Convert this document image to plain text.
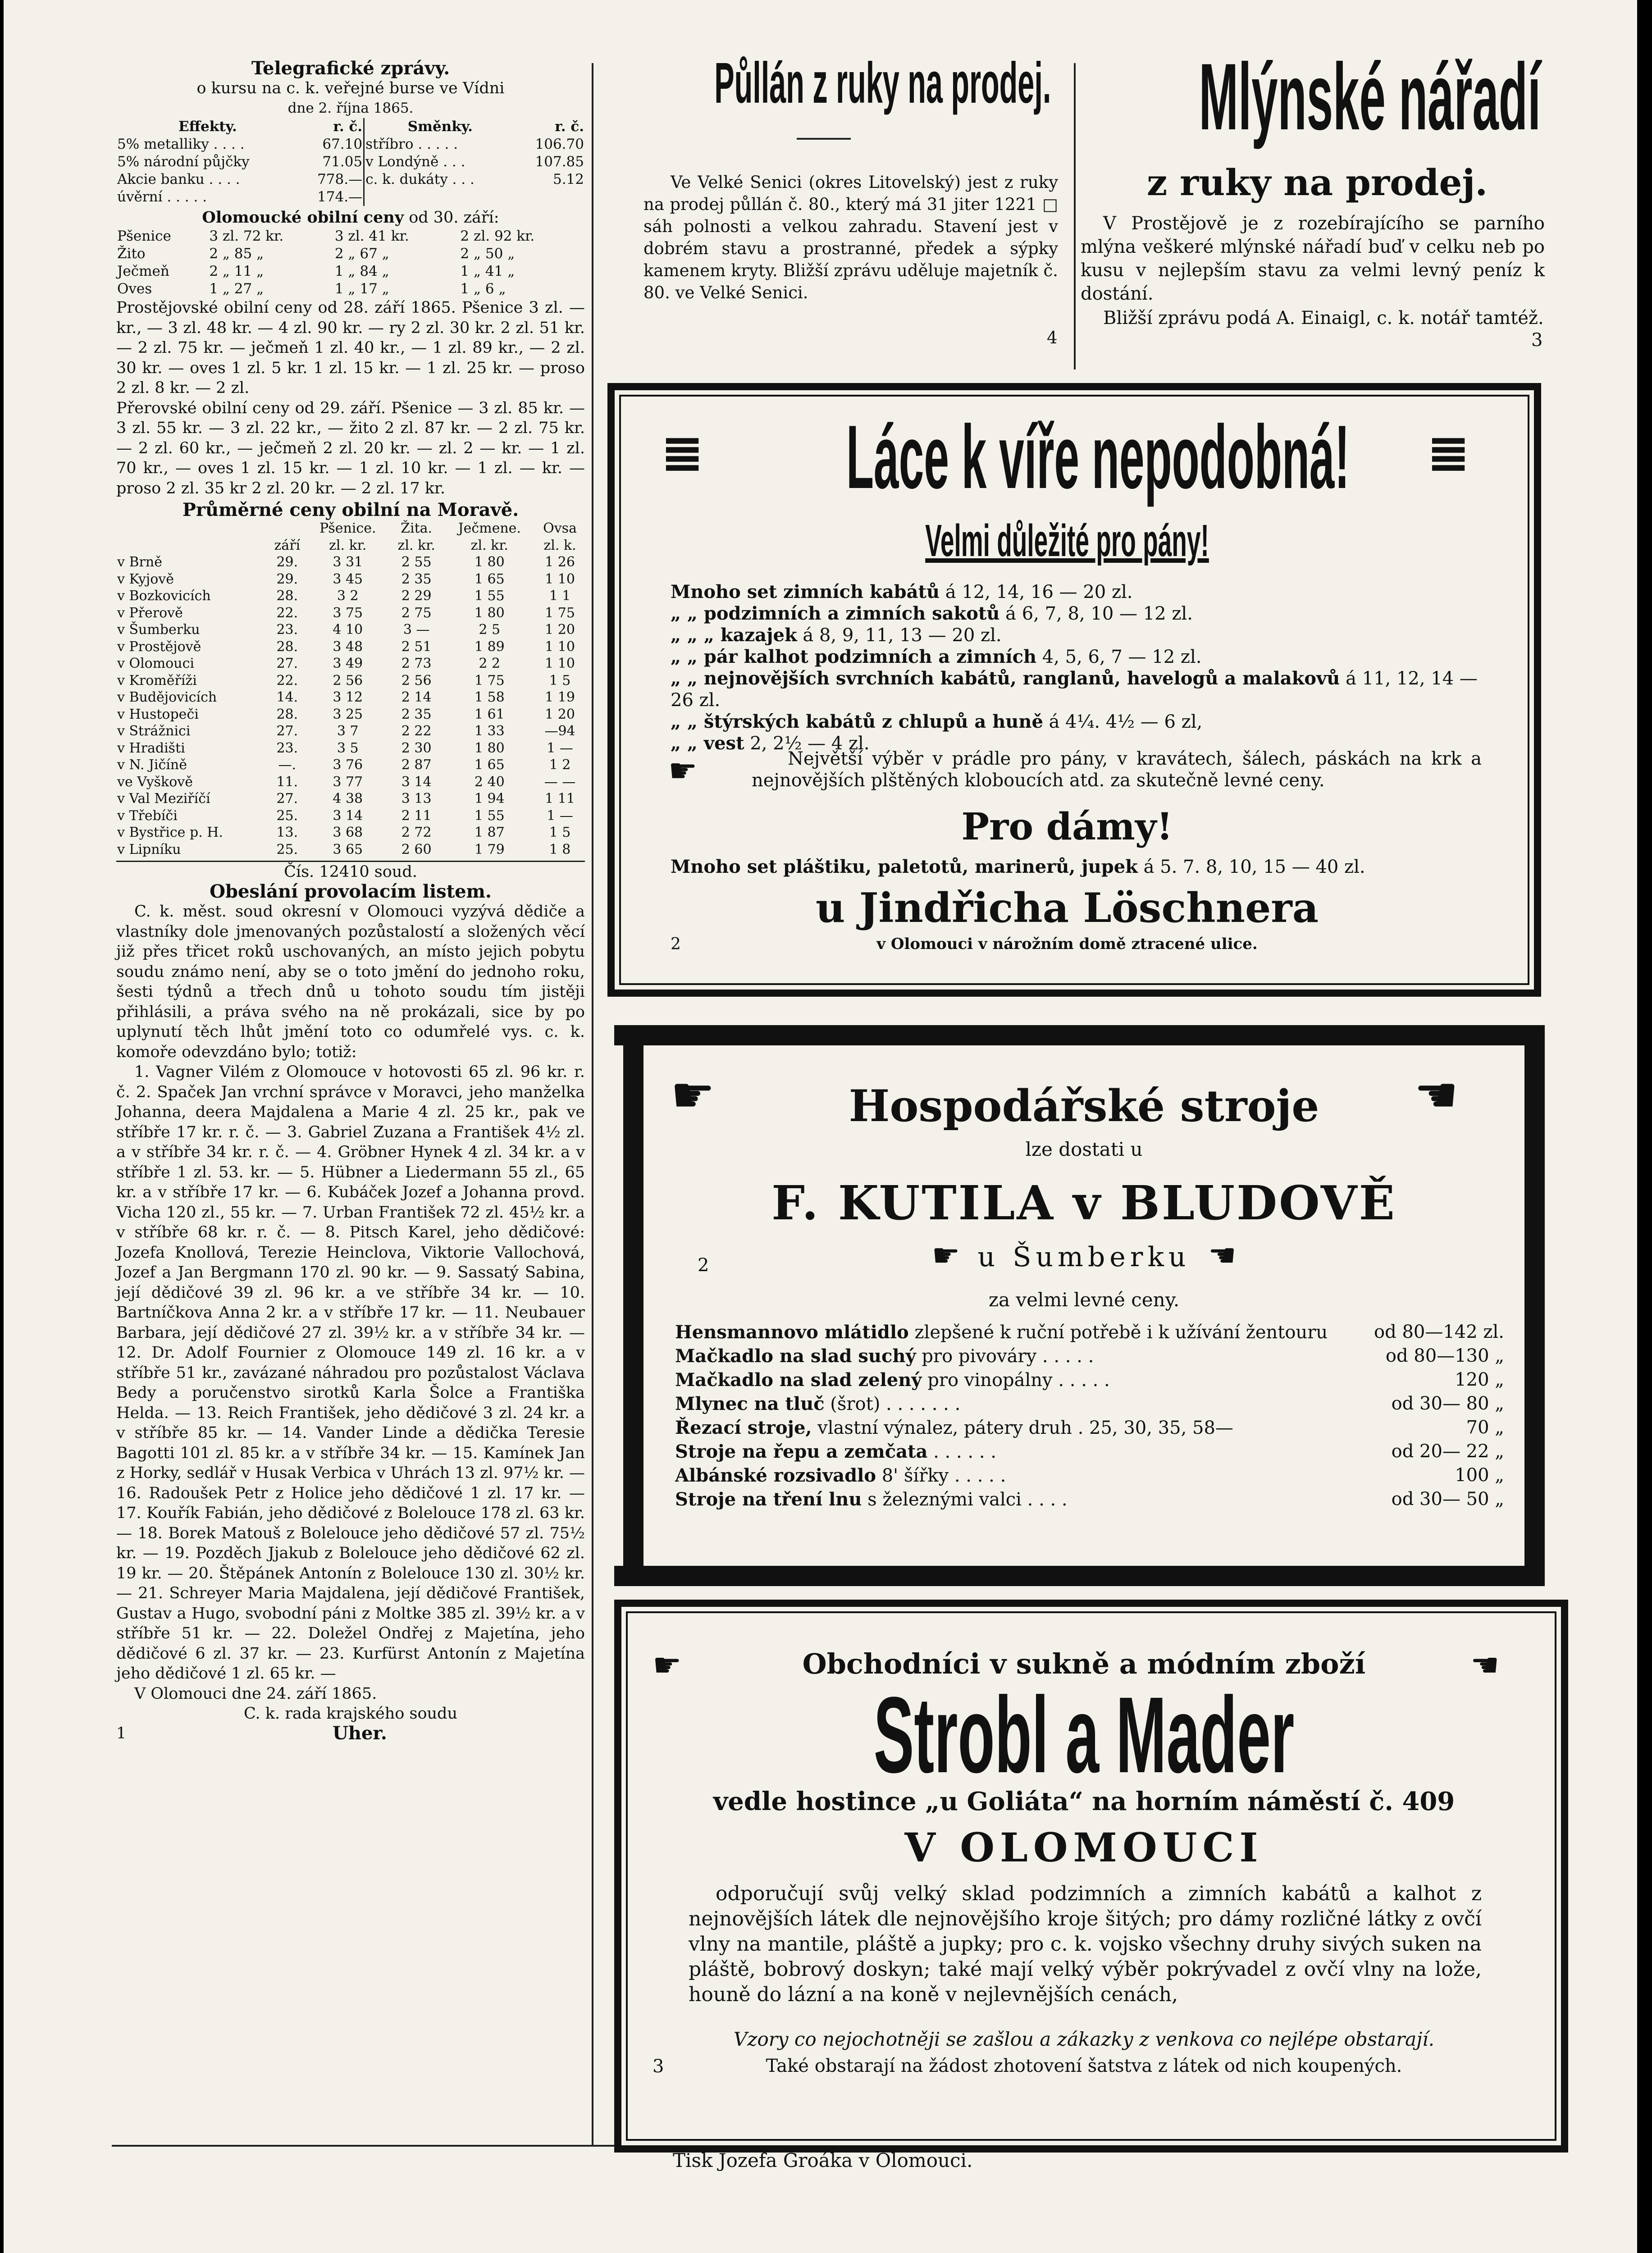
Telegrafické zprávy.
o kursu na c. k. veřejné burse ve Vídni
dne 2. října 1865.
Effekty.	r. č.	Směnky.	r. č.
5% metalliky . . . .	67.10	stříbro . . . . .	106.70
5% národní půjčky	71.05	v Londýně . . .	107.85
Akcie banku . . . .	778.—	c. k. dukáty . . .	5.12
úvěrní . . . . .	174.—		
Olomoucké obilní ceny od 30. září:
Pšenice	3 zl. 72 kr.	3 zl. 41 kr.	2 zl. 92 kr.
Žito	2 „ 85 „	2 „ 67 „	2 „ 50 „
Ječmeň	2 „ 11 „	1 „ 84 „	1 „ 41 „
Oves	1 „ 27 „	1 „ 17 „	1 „ 6 „

Prostějovské obilní ceny od 28. září 1865. Pšenice 3 zl. — kr., — 3 zl. 48 kr. — 4 zl. 90 kr. — ry 2 zl. 30 kr. 2 zl. 51 kr. — 2 zl. 75 kr. — ječmeň 1 zl. 40 kr., — 1 zl. 89 kr., — 2 zl. 30 kr. — oves 1 zl. 5 kr. 1 zl. 15 kr. — 1 zl. 25 kr. — proso 2 zl. 8 kr. — 2 zl.

Přerovské obilní ceny od 29. září. Pšenice — 3 zl. 85 kr. — 3 zl. 55 kr. — 3 zl. 22 kr., — žito 2 zl. 87 kr. — 2 zl. 75 kr. — 2 zl. 60 kr., — ječmeň 2 zl. 20 kr. — zl. 2 — kr. — 1 zl. 70 kr., — oves 1 zl. 15 kr. — 1 zl. 10 kr. — 1 zl. — kr. — proso 2 zl. 35 kr 2 zl. 20 kr. — 2 zl. 17 kr.

Průměrné ceny obilní na Moravě.
		Pšenice.	Žita.	Ječmene.	Ovsa
	září	zl. kr.	zl. kr.	zl. kr.	zl. k.
v Brně	29.	3 31	2 55	1 80	1 26
v Kyjově	29.	3 45	2 35	1 65	1 10
v Bozkovicích	28.	3 2	2 29	1 55	1 1
v Přerově	22.	3 75	2 75	1 80	1 75
v Šumberku	23.	4 10	3 —	2 5	1 20
v Prostějově	28.	3 48	2 51	1 89	1 10
v Olomouci	27.	3 49	2 73	2 2	1 10
v Kroměříži	22.	2 56	2 56	1 75	1 5
v Budějovicích	14.	3 12	2 14	1 58	1 19
v Hustopeči	28.	3 25	2 35	1 61	1 20
v Strážnici	27.	3 7	2 22	1 33	—94
v Hradišti	23.	3 5	2 30	1 80	1 —
v N. Jičíně	—.	3 76	2 87	1 65	1 2
ve Vyškově	11.	3 77	3 14	2 40	— —
v Val Meziříčí	27.	4 38	3 13	1 94	1 11
v Třebíči	25.	3 14	2 11	1 55	1 —
v Bystřice p. H.	13.	3 68	2 72	1 87	1 5
v Lipníku	25.	3 65	2 60	1 79	1 8
Čís. 12410 soud.
Obeslání provolacím listem.

C. k. měst. soud okresní v Olomouci vyzývá dědiče a vlastníky dole jmenovaných pozůstalostí a složených věcí již přes třicet roků uschovaných, an místo jejich pobytu soudu známo není, aby se o toto jmění do jednoho roku, šesti týdnů a třech dnů u tohoto soudu tím jistěji přihlásili, a práva svého na ně prokázali, sice by po uplynutí těch lhůt jmění toto co odumřelé vys. c. k. komoře odevzdáno bylo; totiž:

1. Vagner Vilém z Olomouce v hotovosti 65 zl. 96 kr. r. č. 2. Spaček Jan vrchní správce v Moravci, jeho manželka Johanna, deera Majdalena a Marie 4 zl. 25 kr., pak ve stříbře 17 kr. r. č. — 3. Gabriel Zuzana a František 4½ zl. a v stříbře 34 kr. r. č. — 4. Gröbner Hynek 4 zl. 34 kr. a v stříbře 1 zl. 53. kr. — 5. Hübner a Liedermann 55 zl., 65 kr. a v stříbře 17 kr. — 6. Kubáček Jozef a Johanna provd. Vicha 120 zl., 55 kr. — 7. Urban František 72 zl. 45½ kr. a v stříbře 68 kr. r. č. — 8. Pitsch Karel, jeho dědičové: Jozefa Knollová, Terezie Heinclova, Viktorie Vallochová, Jozef a Jan Bergmann 170 zl. 90 kr. — 9. Sassatý Sabina, její dědičové 39 zl. 96 kr. a ve stříbře 34 kr. — 10. Bartníčkova Anna 2 kr. a v stříbře 17 kr. — 11. Neubauer Barbara, její dědičové 27 zl. 39½ kr. a v stříbře 34 kr. — 12. Dr. Adolf Fournier z Olomouce 149 zl. 16 kr. a v stříbře 51 kr., zavázané náhradou pro pozůstalost Václava Bedy a poručenstvo sirotků Karla Šolce a Františka Helda. — 13. Reich František, jeho dědičové 3 zl. 24 kr. a v stříbře 85 kr. — 14. Vander Linde a dědička Teresie Bagotti 101 zl. 85 kr. a v stříbře 34 kr. — 15. Kamínek Jan z Horky, sedlář v Husak Verbica v Uhrách 13 zl. 97½ kr. — 16. Radoušek Petr z Holice jeho dědičové 1 zl. 17 kr. — 17. Kouřík Fabián, jeho dědičové z Bolelouce 178 zl. 63 kr. — 18. Borek Matouš z Bolelouce jeho dědičové 57 zl. 75½ kr. — 19. Pozděch Jjakub z Bolelouce jeho dědičové 62 zl. 19 kr. — 20. Štěpánek Antonín z Bolelouce 130 zl. 30½ kr. — 21. Schreyer Maria Majdalena, její dědičové František, Gustav a Hugo, svobodní páni z Moltke 385 zl. 39½ kr. a v stříbře 51 kr. — 22. Doležel Ondřej z Majetína, jeho dědičové 6 zl. 37 kr. — 23. Kurfürst Antonín z Majetína jeho dědičové 1 zl. 65 kr. —

V Olomouci dne 24. září 1865.
C. k. rada krajského soudu
1	Uher.
Půllán z ruky na prodej.

Ve Velké Senici (okres Litovelský) jest z ruky na prodej půllán č. 80., který má 31 jiter 1221 □ sáh polnosti a velkou zahradu. Stavení jest v dobrém stavu a prostranné, předek a sýpky kamenem kryty. Bližší zprávu uděluje majetník č. 80. ve Velké Senici.

4
Mlýnské nářadí
z ruky na prodej.

V Prostějově je z rozebírajícího se parního mlýna veškeré mlýnské nářadí buď v celku neb po kusu v nejlepším stavu za velmi levný peníz k dostání.

Bližší zprávu podá A. Einaigl, c. k. notář tamtéž.
3
≣	≣
Láce k víře nepodobná!
Velmi důležité pro pány!
Mnoho set zimních kabátů á 12, 14, 16 — 20 zl.
„ „ podzimních a zimních sakotů á 6, 7, 8, 10 — 12 zl.
„ „ „ kazajek á 8, 9, 11, 13 — 20 zl.
„ „ pár kalhot podzimních a zimních 4, 5, 6, 7 — 12 zl.
„ „ nejnovějších svrchních kabátů, ranglanů, havelogů a malakovů á 11, 12, 14 — 26 zl.
„ „ štýrských kabátů z chlupů a huně á 4¼. 4½ — 6 zl,
„ „ vest 2, 2½ — 4 zl.
☛	Největší výběr v prádle pro pány, v kravátech, šálech, páskách na krk a nejnovějších plštěných kloboucích atd. za skutečně levné ceny.

Pro dámy!
Mnoho set pláštiku, paletotů, marinerů, jupek á 5. 7. 8, 10, 15 — 40 zl.
u Jindřicha Löschnera
v Olomouci v nárožním domě ztracené ulice.
2
☛	☛
Hospodářské stroje
lze dostati u
F. KUTILA v BLUDOVĚ
2	☛ u Šumberku ☛
za velmi levné ceny.
Hensmannovo mlátidlo zlepšené k ruční potřebě i k užívání žentouru	od 80—142 zl.
Mačkadlo na slad suchý pro pivováry . . . . .	od 80—130 „
Mačkadlo na slad zelený pro vinopálny . . . . .	120 „
Mlynec na tluč (šrot) . . . . . . .	od 30— 80 „
Řezací stroje, vlastní výnalez, pátery druh . 25, 30, 35, 58—	70 „
Stroje na řepu a zemčata . . . . . .	od 20— 22 „
Albánské rozsivadlo 8' šířky . . . . .	100 „
Stroje na tření lnu s železnými valci . . . .	od 30— 50 „
☛	☛
Obchodníci v sukně a módním zboží
Strobl a Mader
vedle hostince „u Goliáta“ na horním náměstí č. 409
V OLOMOUCI

odporučují svůj velký sklad podzimních a zimních kabátů a kalhot z nejnovějších látek dle nejnovějšího kroje šitých; pro dámy rozličné látky z ovčí vlny na mantile, pláště a jupky; pro c. k. vojsko všechny druhy sivých suken na pláště, bobrový doskyn; také mají velký výběr pokrývadel z ovčí vlny na lože, houně do lázní a na koně v nejlevnějších cenách,

Vzory co nejochotněji se zašlou a zákazky z venkova co nejlépe obstarají.
Také obstarají na žádost zhotovení šatstva z látek od nich koupených.
3
Tisk Jozefa Groáka v Olomouci.
